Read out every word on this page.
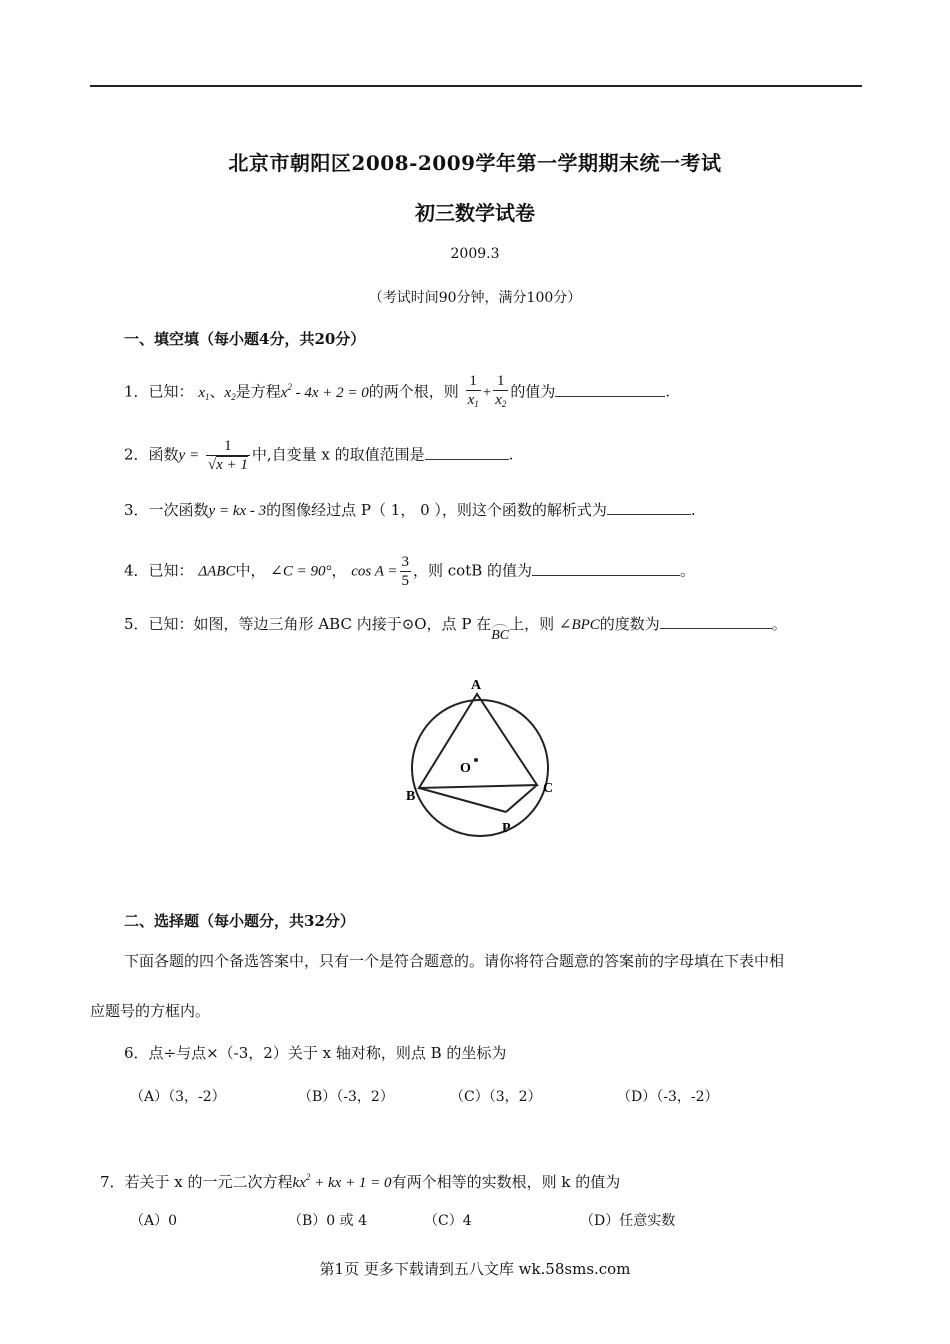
北京市朝阳区2008-2009学年第一学期期末统一考试
初三数学试卷
2009.3
（考试时间90分钟，满分100分）
一、填空填（每小题4分，共20分）
1．已知： $x_1$、$x_2$是方程$x^2 - 4x + 2 = 0$的两个根，则 $\frac{1}{x_1} + \frac{1}{x_2}$ 的值为	.
2．函数$y = \frac{1}{√x + 1}$ 中,自变量 x 的取值范围是	.
3．一次函数y = kx - 3的图像经过点 P（ 1， 0 ），则这个函数的解析式为	.
4．已知： ΔABC中， ∠C = 90°， $\cos A = \frac{3}{5}$ ，则 cotB 的值为	。
5．已知：如图，等边三角形 ABC 内接于⊙O，点 P 在BC上，则 ∠BPC的度数为	。
A
B
C
O
P
二、选择题（每小题分，共32分）
下面各题的四个备选答案中，只有一个是符合题意的。请你将符合题意的答案前的字母填在下表中相
应题号的方框内。
6．点÷与点×（-3，2）关于 x 轴对称，则点 B 的坐标为
（A）（3，-2）	（B）（-3，2）	（C）（3，2）	（D）（-3，-2）
7．若关于 x 的一元二次方程$kx^2$ + kx + 1 = 0有两个相等的实数根，则 k 的值为
（A）0	（B）0 或 4	（C）4	（D）任意实数
第1页 更多下载请到五八文库 wk.58sms.com
